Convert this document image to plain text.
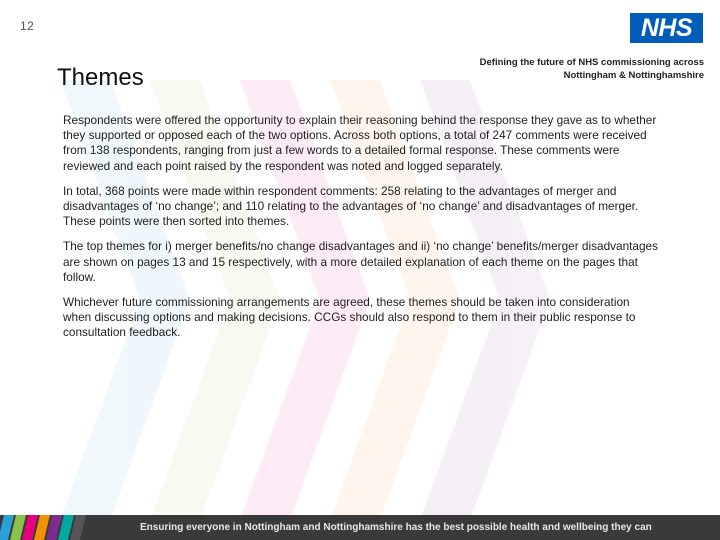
12	NHS
Defining the future of NHS commissioning across Nottingham & Nottinghamshire
Themes

Respondents were offered the opportunity to explain their reasoning behind the response they gave as to whether they supported or opposed each of the two options. Across both options, a total of 247 comments were received from 138 respondents, ranging from just a few words to a detailed formal response. These comments were reviewed and each point raised by the respondent was noted and logged separately.

In total, 368 points were made within respondent comments: 258 relating to the advantages of merger and disadvantages of ‘no change’; and 110 relating to the advantages of ‘no change’ and disadvantages of merger. These points were then sorted into themes.

The top themes for i) merger benefits/no change disadvantages and ii) ‘no change’ benefits/merger disadvantages are shown on pages 13 and 15 respectively, with a more detailed explanation of each theme on the pages that follow.

Whichever future commissioning arrangements are agreed, these themes should be taken into consideration when discussing options and making decisions. CCGs should also respond to them in their public response to consultation feedback.

Ensuring everyone in Nottingham and Nottinghamshire has the best possible health and wellbeing they can
